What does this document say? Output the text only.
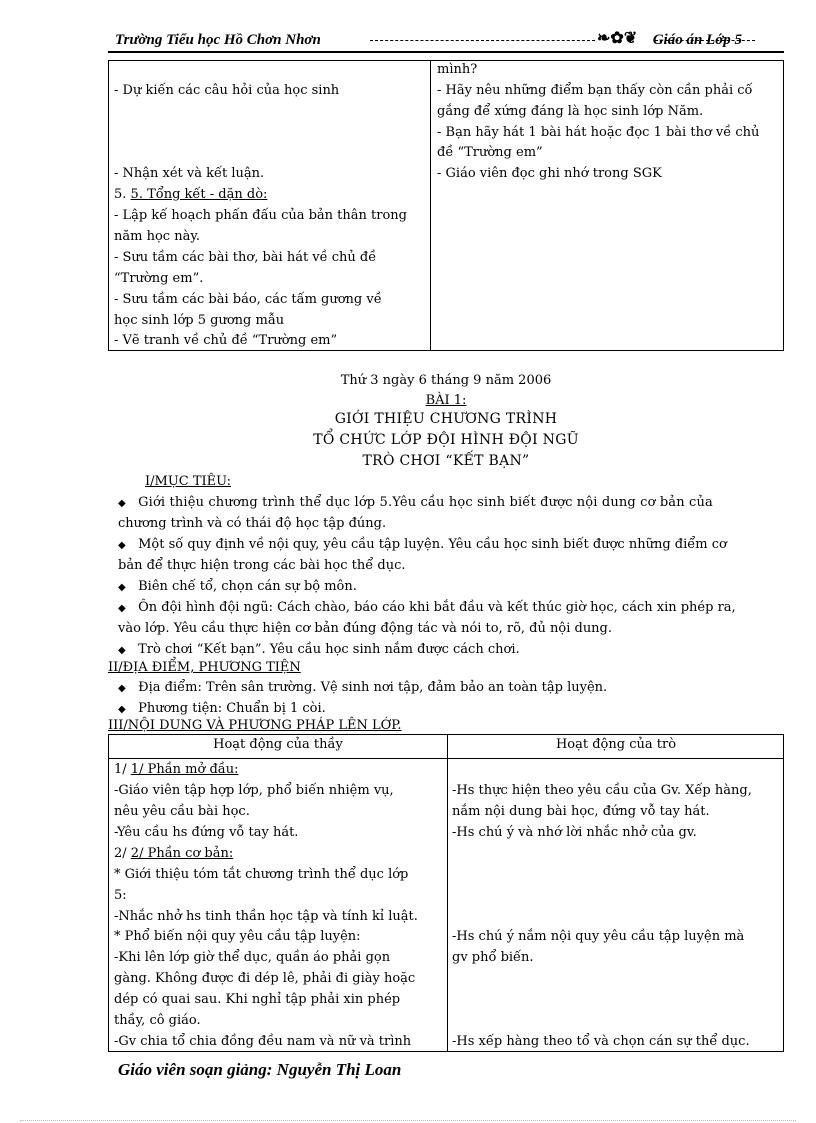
Trường Tiểu học Hồ Chơn Nhơn	❧✿❦ Giáo án Lớp 5
- Dự kiến các câu hỏi của học sinh
- Nhận xét và kết luận.
5. 5. Tổng kết - dặn dò:
- Lập kế hoạch phấn đấu của bản thân trong
năm học này.
- Sưu tầm các bài thơ, bài hát về chủ đề
“Trường em”.
- Sưu tầm các bài báo, các tấm gương về
học sinh lớp 5 gương mẫu
- Vẽ tranh về chủ đề “Trường em”
mình?
- Hãy nêu những điểm bạn thấy còn cần phải cố
gắng để xứng đáng là học sinh lớp Năm.
- Bạn hãy hát 1 bài hát hoặc đọc 1 bài thơ về chủ
đề “Trường em”
- Giáo viên đọc ghi nhớ trong SGK
Thứ 3 ngày 6 tháng 9 năm 2006
BÀI 1:
GIỚI THIỆU CHƯƠNG TRÌNH
TỔ CHỨC LỚP ĐỘI HÌNH ĐỘI NGŨ
TRÒ CHƠI “KẾT BẠN”
I/MỤC TIÊU:
◆ Giới thiệu chương trình thể dục lớp 5.Yêu cầu học sinh biết được nội dung cơ bản của
chương trình và có thái độ học tập đúng.
◆ Một số quy định về nội quy, yêu cầu tập luyện. Yêu cầu học sinh biết được những điểm cơ
bản để thực hiện trong các bài học thể dục.
◆ Biên chế tổ, chọn cán sự bộ môn.
◆ Ôn đội hình đội ngũ: Cách chào, báo cáo khi bắt đầu và kết thúc giờ học, cách xin phép ra,
vào lớp. Yêu cầu thực hiện cơ bản đúng động tác và nói to, rõ, đủ nội dung.
◆ Trò chơi “Kết bạn”. Yêu cầu học sinh nắm được cách chơi.
II/ĐỊA ĐIỂM, PHƯƠNG TIỆN
◆ Địa điểm: Trên sân trường. Vệ sinh nơi tập, đảm bảo an toàn tập luyện.
◆ Phương tiện: Chuẩn bị 1 còi.
III/NỘI DUNG VÀ PHƯƠNG PHÁP LÊN LỚP.
Hoạt động của thầy	Hoạt động của trò
1/ 1/ Phần mở đầu:
-Giáo viên tập hợp lớp, phổ biến nhiệm vụ,
nêu yêu cầu bài học.
-Yêu cầu hs đứng vỗ tay hát.
2/ 2/ Phần cơ bản:
* Giới thiệu tóm tắt chương trình thể dục lớp
5:
-Nhắc nhở hs tinh thần học tập và tính kỉ luật.
* Phổ biến nội quy yêu cầu tập luyện:
-Khi lên lớp giờ thể dục, quần áo phải gọn
gàng. Không được đi dép lê, phải đi giày hoặc
dép có quai sau. Khi nghỉ tập phải xin phép
thầy, cô giáo.
-Gv chia tổ chia đồng đều nam và nữ và trình
-Hs thực hiện theo yêu cầu của Gv. Xếp hàng,
nắm nội dung bài học, đứng vỗ tay hát.
-Hs chú ý và nhớ lời nhắc nhở của gv.
-Hs chú ý nắm nội quy yêu cầu tập luyện mà
gv phổ biến.
-Hs xếp hàng theo tổ và chọn cán sự thể dục.
Giáo viên soạn giảng: Nguyễn Thị Loan
